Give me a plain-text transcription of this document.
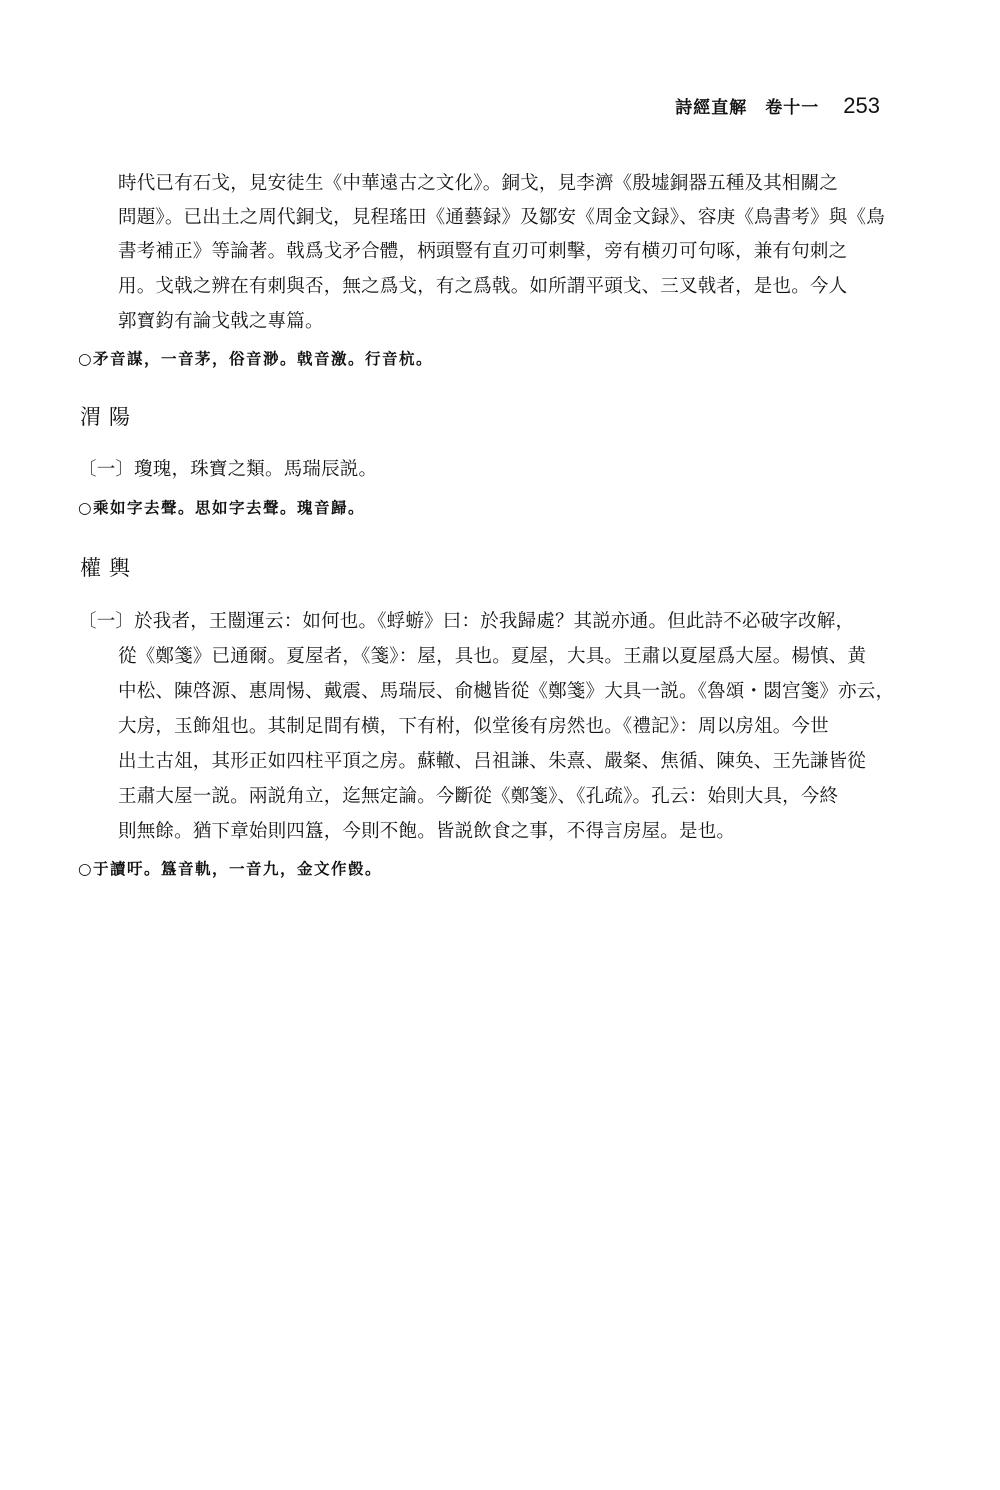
詩經直解 卷十一 253
時代已有石戈，見安徒生《中華遠古之文化》。銅戈，見李濟《殷墟銅器五種及其相關之
問題》。已出土之周代銅戈，見程瑤田《通藝録》及鄒安《周金文録》、容庚《鳥書考》與《鳥
書考補正》等論著。戟爲戈矛合體，柄頭豎有直刃可刺擊，旁有横刃可句啄，兼有句刺之
用。戈戟之辨在有刺與否，無之爲戈，有之爲戟。如所謂平頭戈、三叉戟者，是也。今人
郭寶鈞有論戈戟之專篇。
○矛音謀，一音茅，俗音渺。戟音激。行音杭。
渭陽
〔一〕瓊瑰，珠寶之類。馬瑞辰説。
○乘如字去聲。思如字去聲。瑰音歸。
權輿
〔一〕於我者，王闓運云：如何也。《蜉蝣》曰：於我歸處？其説亦通。但此詩不必破字改解，
從《鄭箋》已通爾。夏屋者，《箋》：屋，具也。夏屋，大具。王肅以夏屋爲大屋。楊慎、黄
中松、陳啓源、惠周惕、戴震、馬瑞辰、俞樾皆從《鄭箋》大具一説。《魯頌・閟宫箋》亦云，
大房，玉飾俎也。其制足間有横，下有柎，似堂後有房然也。《禮記》：周以房俎。今世
出土古俎，其形正如四柱平頂之房。蘇轍、吕祖謙、朱熹、嚴粲、焦循、陳奂、王先謙皆從
王肅大屋一説。兩説角立，迄無定論。今斷從《鄭箋》、《孔疏》。孔云：始則大具，今終
則無餘。猶下章始則四簋，今則不飽。皆説飲食之事，不得言房屋。是也。
○于讀吁。簋音軌，一音九，金文作㲃。
